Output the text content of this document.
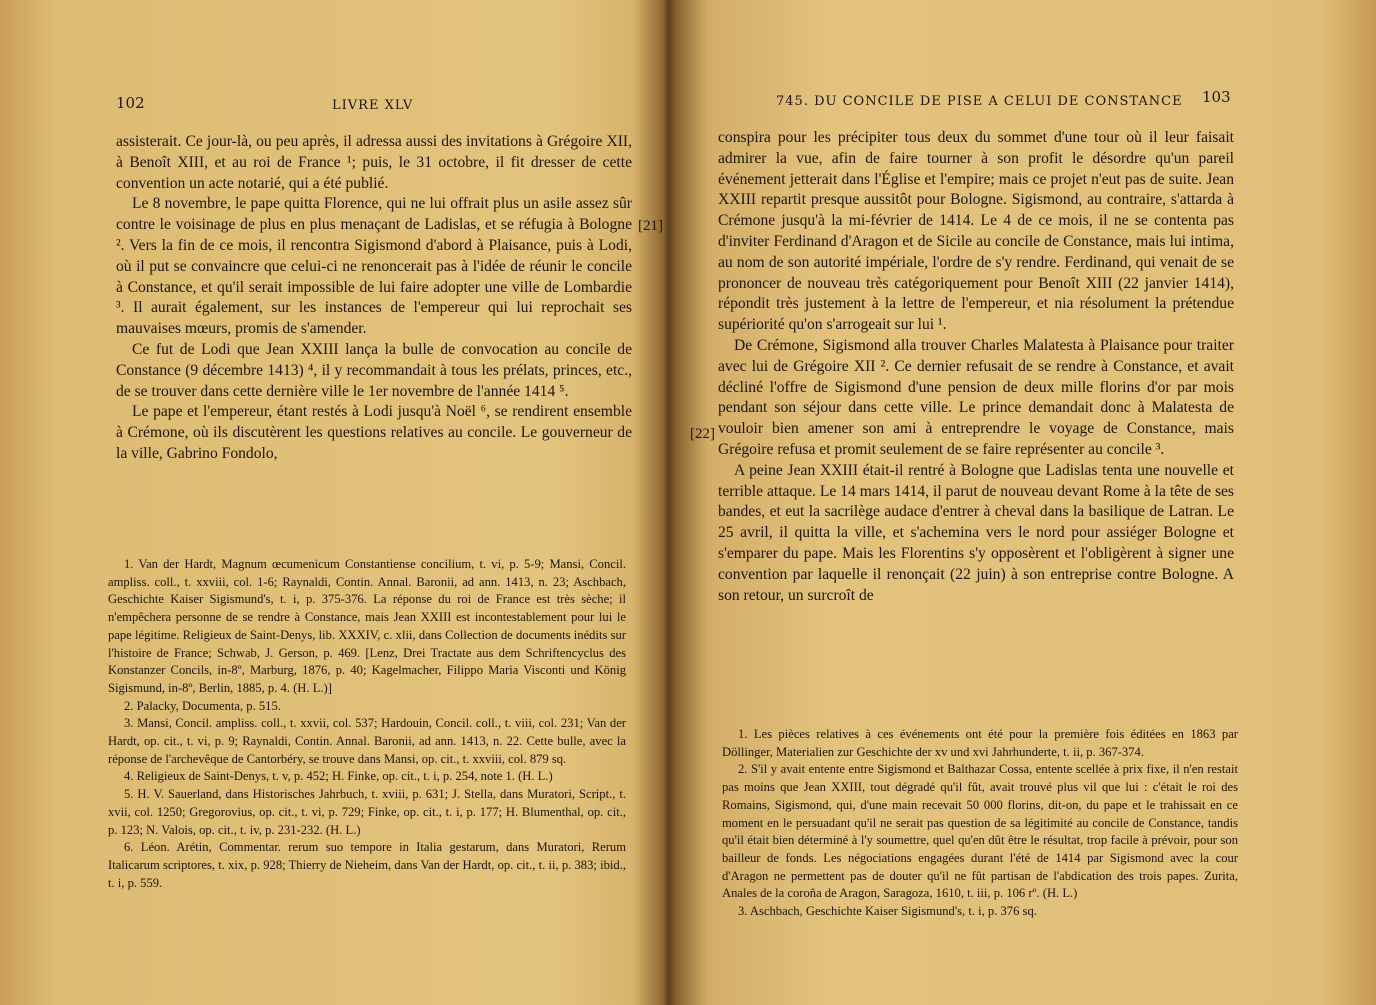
102	LIVRE XLV

assisterait. Ce jour-là, ou peu après, il adressa aussi des invitations à Grégoire XII, à Benoît XIII, et au roi de France ¹; puis, le 31 octobre, il fit dresser de cette convention un acte notarié, qui a été publié.

Le 8 novembre, le pape quitta Florence, qui ne lui offrait plus un asile assez sûr contre le voisinage de plus en plus menaçant de Ladislas, et se réfugia à Bologne ². Vers la fin de ce mois, il rencontra Sigismond d'abord à Plaisance, puis à Lodi, où il put se convaincre que celui-ci ne renoncerait pas à l'idée de réunir le concile à Constance, et qu'il serait impossible de lui faire adopter une ville de Lombardie ³. Il aurait également, sur les instances de l'empereur qui lui reprochait ses mauvaises mœurs, promis de s'amender.

Ce fut de Lodi que Jean XXIII lança la bulle de convocation au concile de Constance (9 décembre 1413) ⁴, il y recommandait à tous les prélats, princes, etc., de se trouver dans cette dernière ville le 1er novembre de l'année 1414 ⁵.

Le pape et l'empereur, étant restés à Lodi jusqu'à Noël ⁶, se rendirent ensemble à Crémone, où ils discutèrent les questions relatives au concile. Le gouverneur de la ville, Gabrino Fondolo,

[21]

1. Van der Hardt, Magnum œcumenicum Constantiense concilium, t. vi, p. 5-9; Mansi, Concil. ampliss. coll., t. xxviii, col. 1-6; Raynaldi, Contin. Annal. Baronii, ad ann. 1413, n. 23; Aschbach, Geschichte Kaiser Sigismund's, t. i, p. 375-376. La réponse du roi de France est très sèche; il n'empêchera personne de se rendre à Constance, mais Jean XXIII est incontestablement pour lui le pape légitime. Religieux de Saint-Denys, lib. XXXIV, c. xlii, dans Collection de documents inédits sur l'histoire de France; Schwab, J. Gerson, p. 469. [Lenz, Drei Tractate aus dem Schriftencyclus des Konstanzer Concils, in-8º, Marburg, 1876, p. 40; Kagelmacher, Filippo Maria Visconti und König Sigismund, in-8º, Berlin, 1885, p. 4. (H. L.)]

2. Palacky, Documenta, p. 515.

3. Mansi, Concil. ampliss. coll., t. xxvii, col. 537; Hardouin, Concil. coll., t. viii, col. 231; Van der Hardt, op. cit., t. vi, p. 9; Raynaldi, Contin. Annal. Baronii, ad ann. 1413, n. 22. Cette bulle, avec la réponse de l'archevêque de Cantorbéry, se trouve dans Mansi, op. cit., t. xxviii, col. 879 sq.

4. Religieux de Saint-Denys, t. v, p. 452; H. Finke, op. cit., t. i, p. 254, note 1. (H. L.)

5. H. V. Sauerland, dans Historisches Jahrbuch, t. xviii, p. 631; J. Stella, dans Muratori, Script., t. xvii, col. 1250; Gregorovius, op. cit., t. vi, p. 729; Finke, op. cit., t. i, p. 177; H. Blumenthal, op. cit., p. 123; N. Valois, op. cit., t. iv, p. 231-232. (H. L.)

6. Léon. Arétin, Commentar. rerum suo tempore in Italia gestarum, dans Muratori, Rerum Italicarum scriptores, t. xix, p. 928; Thierry de Nieheim, dans Van der Hardt, op. cit., t. ii, p. 383; ibid., t. i, p. 559.

745. DU CONCILE DE PISE A CELUI DE CONSTANCE 103
[22]

conspira pour les précipiter tous deux du sommet d'une tour où il leur faisait admirer la vue, afin de faire tourner à son profit le désordre qu'un pareil événement jetterait dans l'Église et l'empire; mais ce projet n'eut pas de suite. Jean XXIII repartit presque aussitôt pour Bologne. Sigismond, au contraire, s'attarda à Crémone jusqu'à la mi-février de 1414. Le 4 de ce mois, il ne se contenta pas d'inviter Ferdinand d'Aragon et de Sicile au concile de Constance, mais lui intima, au nom de son autorité impériale, l'ordre de s'y rendre. Ferdinand, qui venait de se prononcer de nouveau très catégoriquement pour Benoît XIII (22 janvier 1414), répondit très justement à la lettre de l'empereur, et nia résolument la prétendue supériorité qu'on s'arrogeait sur lui ¹.

De Crémone, Sigismond alla trouver Charles Malatesta à Plaisance pour traiter avec lui de Grégoire XII ². Ce dernier refusait de se rendre à Constance, et avait décliné l'offre de Sigismond d'une pension de deux mille florins d'or par mois pendant son séjour dans cette ville. Le prince demandait donc à Malatesta de vouloir bien amener son ami à entreprendre le voyage de Constance, mais Grégoire refusa et promit seulement de se faire représenter au concile ³.

A peine Jean XXIII était-il rentré à Bologne que Ladislas tenta une nouvelle et terrible attaque. Le 14 mars 1414, il parut de nouveau devant Rome à la tête de ses bandes, et eut la sacrilège audace d'entrer à cheval dans la basilique de Latran. Le 25 avril, il quitta la ville, et s'achemina vers le nord pour assiéger Bologne et s'emparer du pape. Mais les Florentins s'y opposèrent et l'obligèrent à signer une convention par laquelle il renonçait (22 juin) à son entreprise contre Bologne. A son retour, un surcroît de

1. Les pièces relatives à ces événements ont été pour la première fois éditées en 1863 par Döllinger, Materialien zur Geschichte der xv und xvi Jahrhunderte, t. ii, p. 367-374.

2. S'il y avait entente entre Sigismond et Balthazar Cossa, entente scellée à prix fixe, il n'en restait pas moins que Jean XXIII, tout dégradé qu'il fût, avait trouvé plus vil que lui : c'était le roi des Romains, Sigismond, qui, d'une main recevait 50 000 florins, dit-on, du pape et le trahissait en ce moment en le persuadant qu'il ne serait pas question de sa légitimité au concile de Constance, tandis qu'il était bien déterminé à l'y soumettre, quel qu'en dût être le résultat, trop facile à prévoir, pour son bailleur de fonds. Les négociations engagées durant l'été de 1414 par Sigismond avec la cour d'Aragon ne permettent pas de douter qu'il ne fût partisan de l'abdication des trois papes. Zurita, Anales de la coroña de Aragon, Saragoza, 1610, t. iii, p. 106 rº. (H. L.)

3. Aschbach, Geschichte Kaiser Sigismund's, t. i, p. 376 sq.
